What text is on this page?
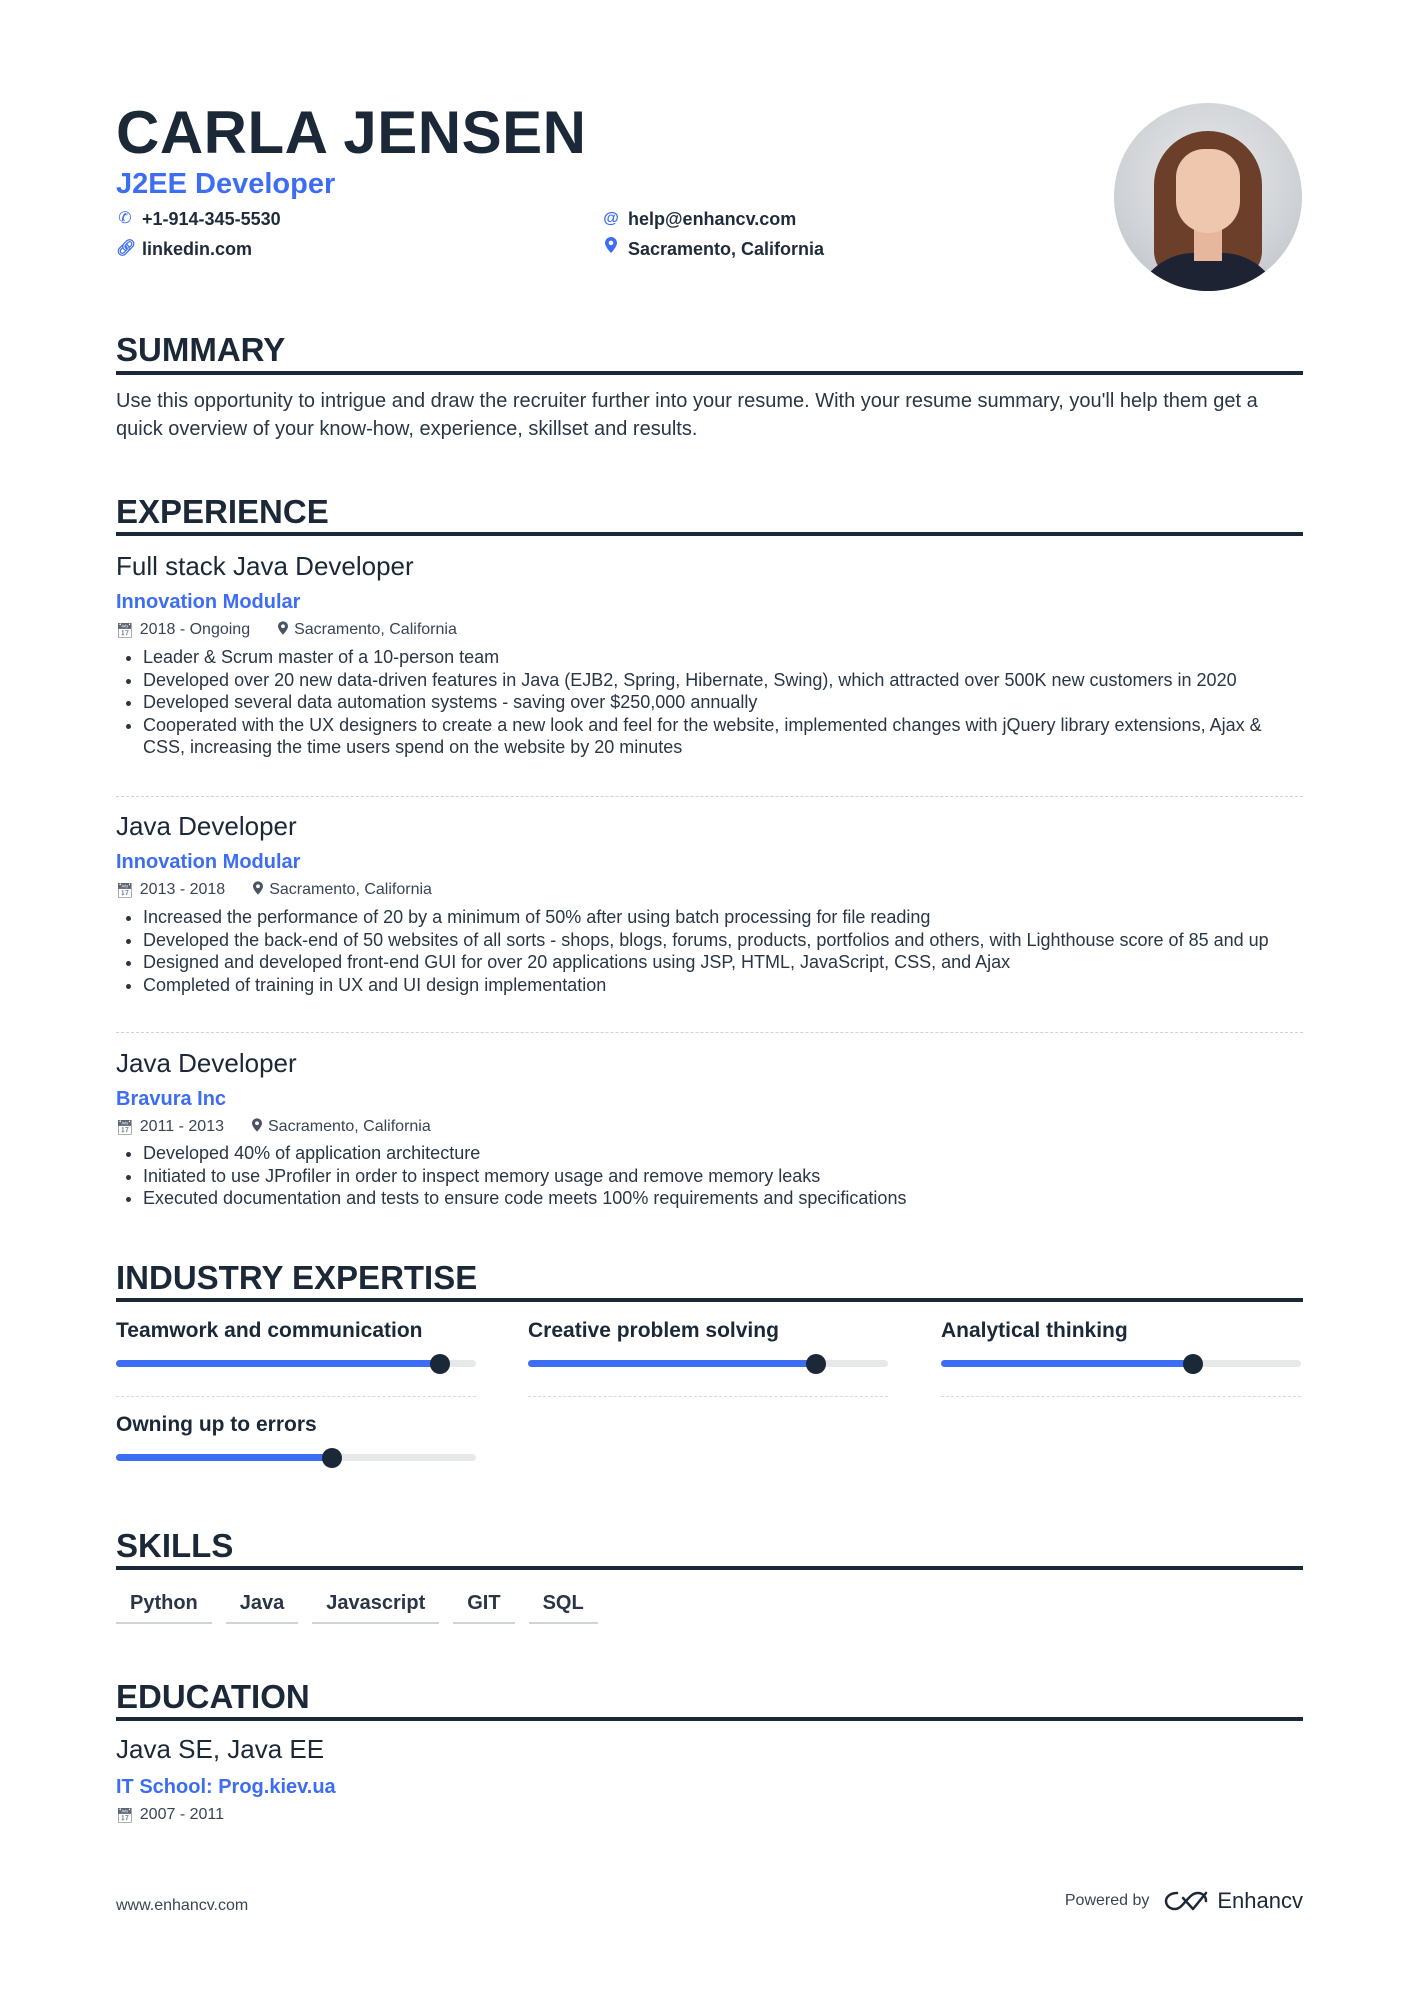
CARLA JENSEN
J2EE Developer
✆ +1-914-345-5530
🔗︎ linkedin.com
@ help@enhancv.com
Sacramento, California
SUMMARY
Use this opportunity to intrigue and draw the recruiter further into your resume. With your resume summary, you'll help them get a quick overview of your know-how, experience, skillset and results.
EXPERIENCE
Full stack Java Developer
Innovation Modular
📅︎ 2018 - Ongoing	Sacramento, California
• Leader & Scrum master of a 10-person team
• Developed over 20 new data-driven features in Java (EJB2, Spring, Hibernate, Swing), which attracted over 500K new customers in 2020
• Developed several data automation systems - saving over $250,000 annually
• Cooperated with the UX designers to create a new look and feel for the website, implemented changes with jQuery library extensions, Ajax & CSS, increasing the time users spend on the website by 20 minutes
Java Developer
Innovation Modular
📅︎ 2013 - 2018	Sacramento, California
• Increased the performance of 20 by a minimum of 50% after using batch processing for file reading
• Developed the back-end of 50 websites of all sorts - shops, blogs, forums, products, portfolios and others, with Lighthouse score of 85 and up
• Designed and developed front-end GUI for over 20 applications using JSP, HTML, JavaScript, CSS, and Ajax
• Completed of training in UX and UI design implementation
Java Developer
Bravura Inc
📅︎ 2011 - 2013	Sacramento, California
• Developed 40% of application architecture
• Initiated to use JProfiler in order to inspect memory usage and remove memory leaks
• Executed documentation and tests to ensure code meets 100% requirements and specifications
INDUSTRY EXPERTISE
Teamwork and communication	Creative problem solving	Analytical thinking
Owning up to errors
SKILLS
Python	Java	Javascript	GIT	SQL
EDUCATION
Java SE, Java EE
IT School: Prog.kiev.ua
📅︎ 2007 - 2011
www.enhancv.com	Powered by	Enhancv
